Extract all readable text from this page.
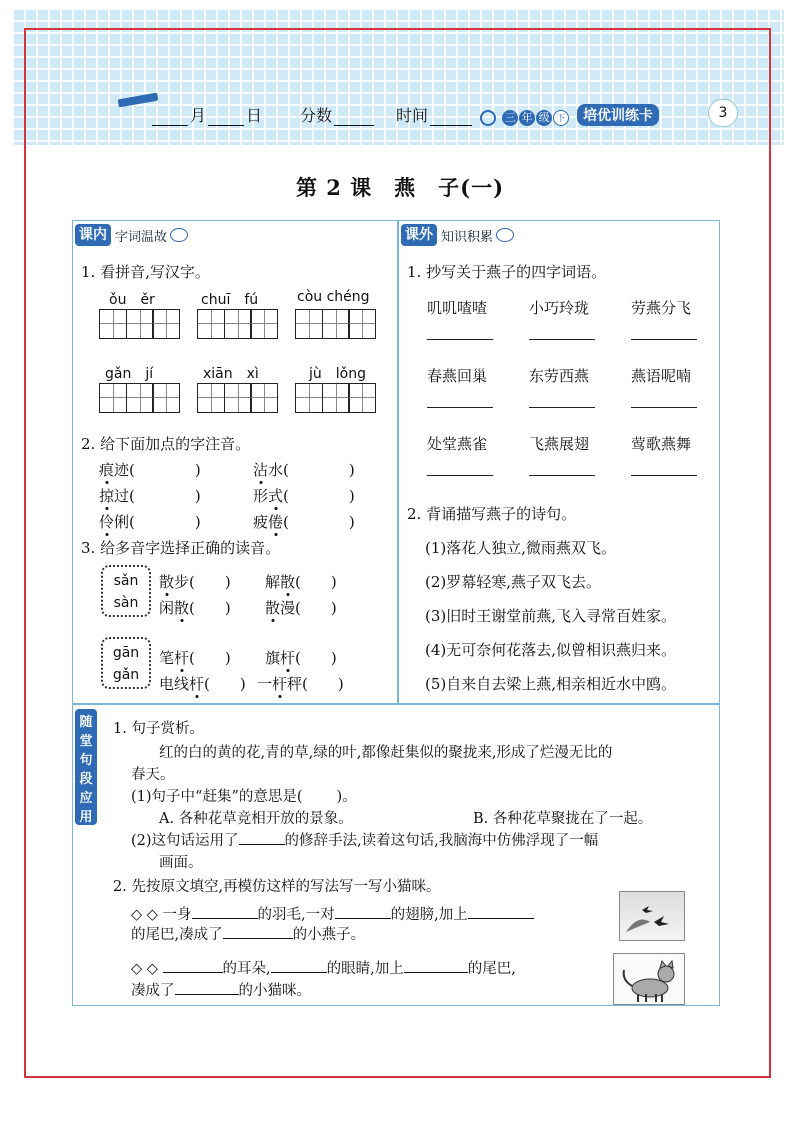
月	日 分数	时间	三 年 级 下	培优训练卡	3
第 2 课　燕　子(一)
课内 字词温故
1. 看拼音,写汉字。
ǒu　ěr	chuī　fú	còu chéng
gǎn　jí	xiān　xì	jù　lǒng
2. 给下面加点的字注音。
痕迹(　　　　)	沾水(　　　　)
掠过(　　　　)	形式(　　　　)
伶俐(　　　　)	疲倦(　　　　)
3. 给多音字选择正确的读音。
sǎn
sàn
散步(　　) 解散(　　)
闲散(　　) 散漫(　　)
gān
gǎn
笔杆(　　) 旗杆(　　)
电线杆(　　) 一杆秤(　　)
课外 知识积累
1. 抄写关于燕子的四字词语。
叽叽喳喳	小巧玲珑	劳燕分飞
春燕回巢	东劳西燕	燕语呢喃
处堂燕雀	飞燕展翅	莺歌燕舞
2. 背诵描写燕子的诗句。
(1)落花人独立,微雨燕双飞。
(2)罗幕轻寒,燕子双飞去。
(3)旧时王谢堂前燕,飞入寻常百姓家。
(4)无可奈何花落去,似曾相识燕归来。
(5)自来自去梁上燕,相亲相近水中鸥。
随
堂
句
段
应
用
1. 句子赏析。
红的白的黄的花,青的草,绿的叶,都像赶集似的聚拢来,形成了烂漫无比的
春天。
(1)句子中“赶集”的意思是( )。
A. 各种花草竞相开放的景象。	B. 各种花草聚拢在了一起。
(2)这句话运用了	的修辞手法,读着这句话,我脑海中仿佛浮现了一幅
画面。
2. 先按原文填空,再模仿这样的写法写一写小猫咪。
◇ ◇ 一身	的羽毛,一对	的翅膀,加上
的尾巴,凑成了	的小燕子。
◇ ◇	的耳朵,	的眼睛,加上	的尾巴,
凑成了	的小猫咪。
